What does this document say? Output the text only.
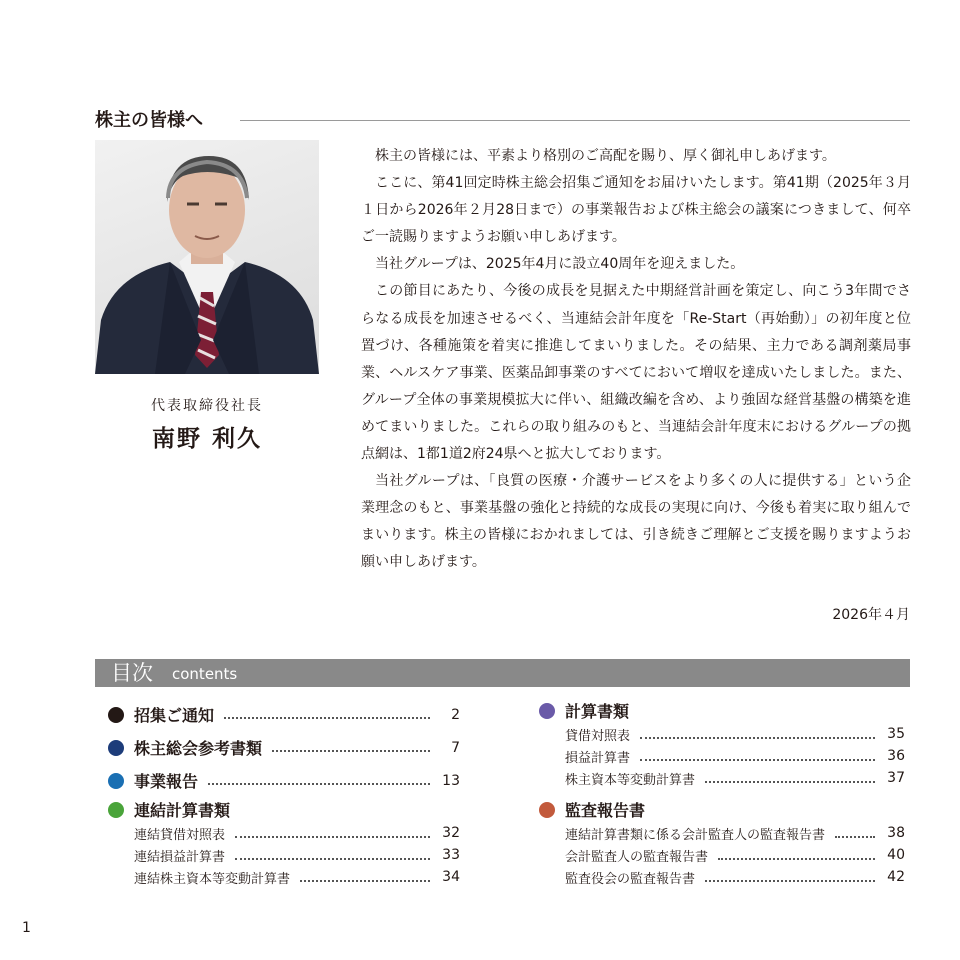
株主の皆様へ
代表取締役社長
南野 利久

株主の皆様には、平素より格別のご高配を賜り、厚く御礼申しあげます。

ここに、第41回定時株主総会招集ご通知をお届けいたします。第41期（2025年３月１日から2026年２月28日まで）の事業報告および株主総会の議案につきまして、何卒ご一読賜りますようお願い申しあげます。

当社グループは、2025年4月に設立40周年を迎えました。

この節目にあたり、今後の成長を見据えた中期経営計画を策定し、向こう3年間でさらなる成長を加速させるべく、当連結会計年度を「Re-Start（再始動）」の初年度と位置づけ、各種施策を着実に推進してまいりました。その結果、主力である調剤薬局事業、ヘルスケア事業、医薬品卸事業のすべてにおいて増収を達成いたしました。また、グループ全体の事業規模拡大に伴い、組織改編を含め、より強固な経営基盤の構築を進めてまいりました。これらの取り組みのもと、当連結会計年度末におけるグループの拠点網は、1都1道2府24県へと拡大しております。

当社グループは、「良質の医療・介護サービスをより多くの人に提供する」という企業理念のもと、事業基盤の強化と持続的な成長の実現に向け、今後も着実に取り組んでまいります。株主の皆様におかれましては、引き続きご理解とご支援を賜りますようお願い申しあげます。

2026年４月
目次 contents
招集ご通知	2
株主総会参考書類	7
事業報告	13
連結計算書類
連結貸借対照表	32
連結損益計算書	33
連結株主資本等変動計算書	34
計算書類
貸借対照表	35
損益計算書	36
株主資本等変動計算書	37
監査報告書
連結計算書類に係る会計監査人の監査報告書	38
会計監査人の監査報告書	40
監査役会の監査報告書	42
1
